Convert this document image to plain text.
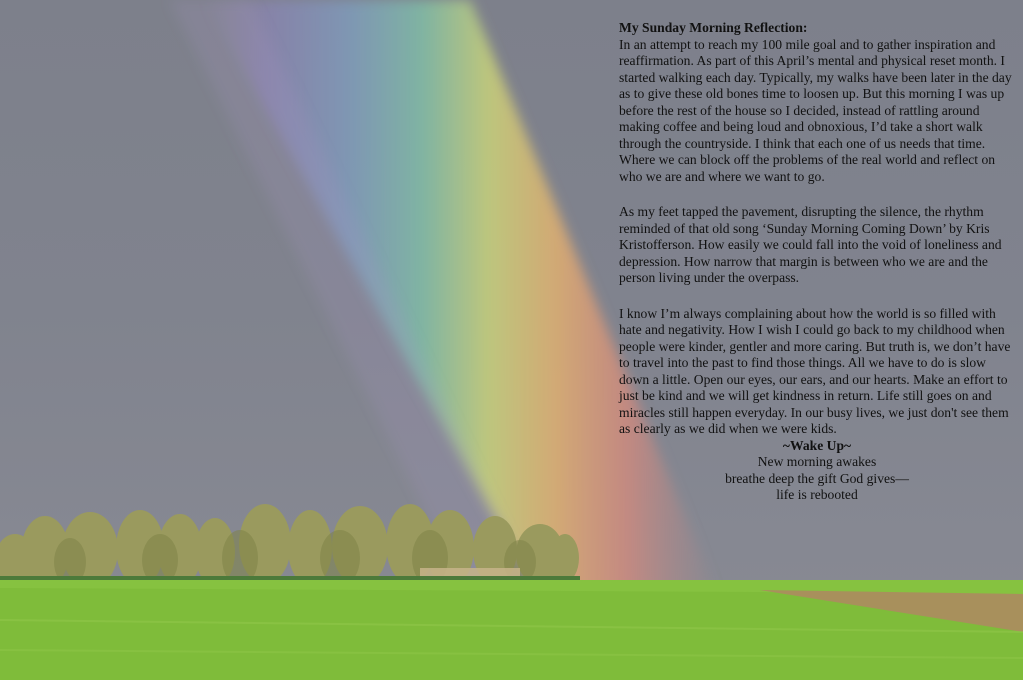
My Sunday Morning Reflection:

In an attempt to reach my 100 mile goal and to gather inspiration and reaffirmation. As part of this April’s mental and physical reset month. I started walking each day. Typically, my walks have been later in the day as to give these old bones time to loosen up. But this morning I was up before the rest of the house so I decided, instead of rattling around making coffee and being loud and obnoxious, I’d take a short walk through the countryside. I think that each one of us needs that time. Where we can block off the problems of the real world and reflect on who we are and where we want to go.

As my feet tapped the pavement, disrupting the silence, the rhythm reminded of that old song ‘Sunday Morning Coming Down’ by Kris Kristofferson. How easily we could fall into the void of loneliness and depression. How narrow that margin is between who we are and the person living under the overpass.

I know I’m always complaining about how the world is so filled with hate and negativity. How I wish I could go back to my childhood when people were kinder, gentler and more caring. But truth is, we don’t have to travel into the past to find those things. All we have to do is slow down a little. Open our eyes, our ears, and our hearts. Make an effort to just be kind and we will get kindness in return. Life still goes on and miracles still happen everyday. In our busy lives, we just don't see them as clearly as we did when we were kids.

~Wake Up~
New morning awakes
breathe deep the gift God gives—
life is rebooted
